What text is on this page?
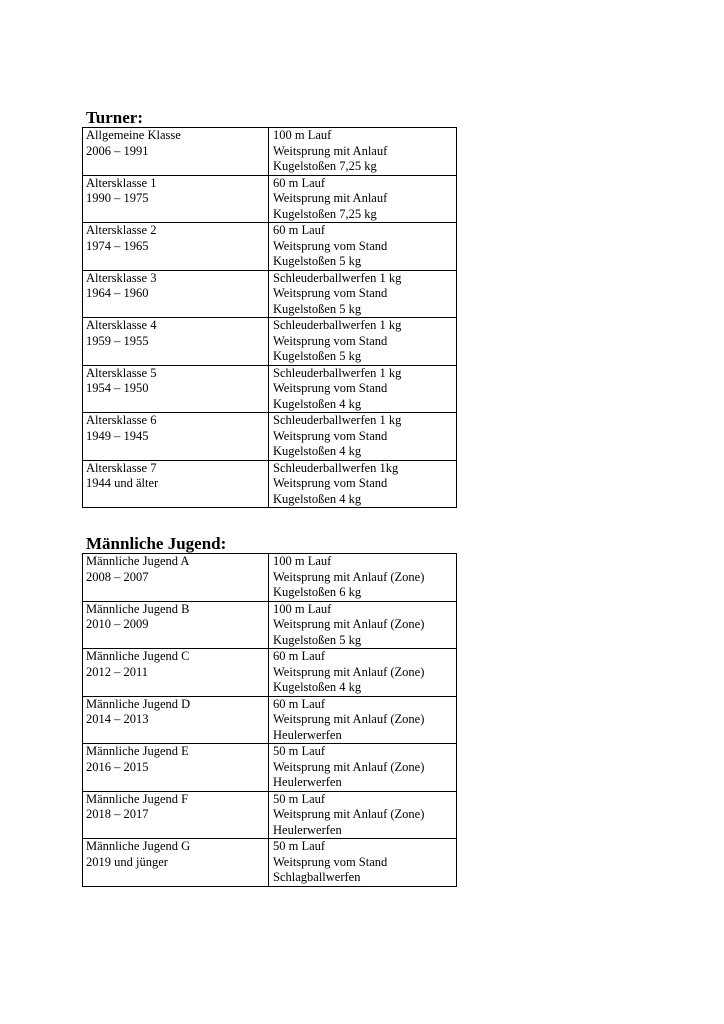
Turner:
Allgemeine Klasse
2006 – 1991	100 m Lauf
Weitsprung mit Anlauf
Kugelstoßen 7,25 kg

Altersklasse 1
1990 – 1975	60 m Lauf
Weitsprung mit Anlauf
Kugelstoßen 7,25 kg

Altersklasse 2
1974 – 1965	60 m Lauf
Weitsprung vom Stand
Kugelstoßen 5 kg

Altersklasse 3
1964 – 1960	Schleuderballwerfen 1 kg
Weitsprung vom Stand
Kugelstoßen 5 kg

Altersklasse 4
1959 – 1955	Schleuderballwerfen 1 kg
Weitsprung vom Stand
Kugelstoßen 5 kg

Altersklasse 5
1954 – 1950	Schleuderballwerfen 1 kg
Weitsprung vom Stand
Kugelstoßen 4 kg

Altersklasse 6
1949 – 1945	Schleuderballwerfen 1 kg
Weitsprung vom Stand
Kugelstoßen 4 kg

Altersklasse 7
1944 und älter	Schleuderballwerfen 1kg
Weitsprung vom Stand
Kugelstoßen 4 kg
Männliche Jugend:
Männliche Jugend A
2008 – 2007	100 m Lauf
Weitsprung mit Anlauf (Zone)
Kugelstoßen 6 kg

Männliche Jugend B
2010 – 2009	100 m Lauf
Weitsprung mit Anlauf (Zone)
Kugelstoßen 5 kg

Männliche Jugend C
2012 – 2011	60 m Lauf
Weitsprung mit Anlauf (Zone)
Kugelstoßen 4 kg

Männliche Jugend D
2014 – 2013	60 m Lauf
Weitsprung mit Anlauf (Zone)
Heulerwerfen

Männliche Jugend E
2016 – 2015	50 m Lauf
Weitsprung mit Anlauf (Zone)
Heulerwerfen

Männliche Jugend F
2018 – 2017	50 m Lauf
Weitsprung mit Anlauf (Zone)
Heulerwerfen

Männliche Jugend G
2019 und jünger	50 m Lauf
Weitsprung vom Stand
Schlagballwerfen
